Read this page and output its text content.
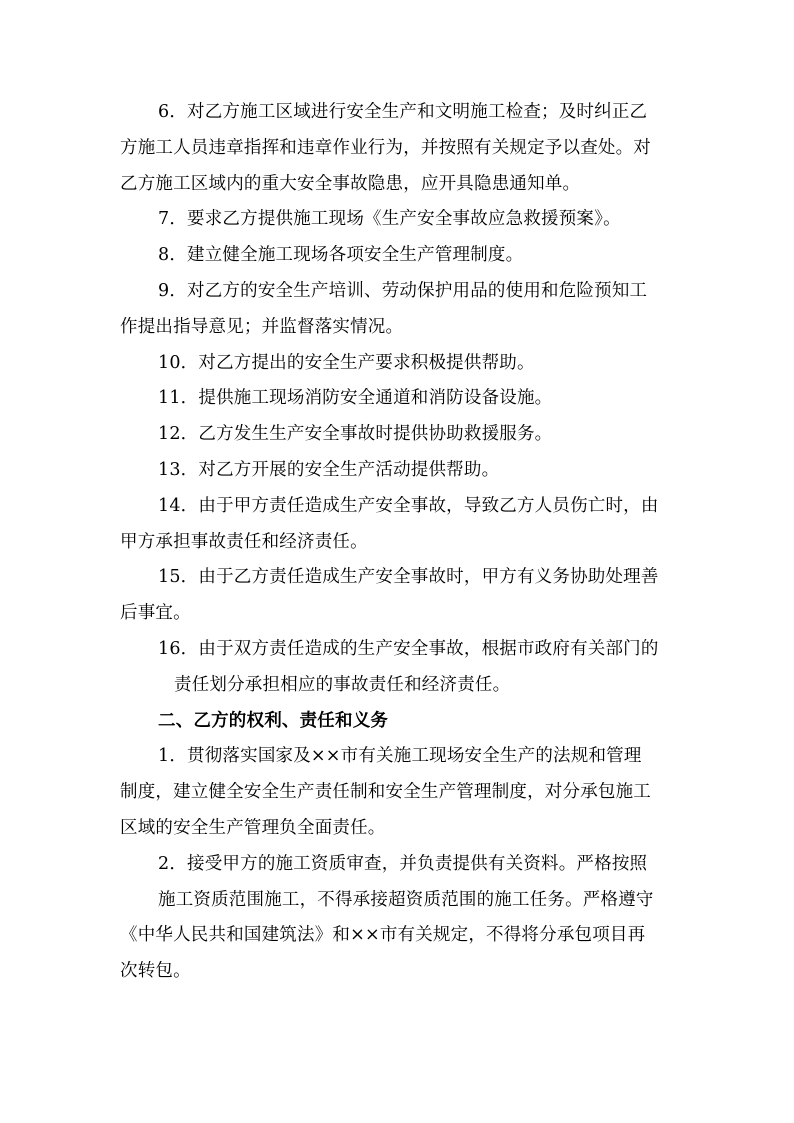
6．对乙方施工区域进行安全生产和文明施工检查；及时纠正乙
方施工人员违章指挥和违章作业行为，并按照有关规定予以查处。对
乙方施工区域内的重大安全事故隐患，应开具隐患通知单。
7．要求乙方提供施工现场《生产安全事故应急救援预案》。
8．建立健全施工现场各项安全生产管理制度。
9．对乙方的安全生产培训、劳动保护用品的使用和危险预知工
作提出指导意见；并监督落实情况。
10．对乙方提出的安全生产要求积极提供帮助。
11．提供施工现场消防安全通道和消防设备设施。
12．乙方发生生产安全事故时提供协助救援服务。
13．对乙方开展的安全生产活动提供帮助。
14．由于甲方责任造成生产安全事故，导致乙方人员伤亡时，由
甲方承担事故责任和经济责任。
15．由于乙方责任造成生产安全事故时，甲方有义务协助处理善
后事宜。
16．由于双方责任造成的生产安全事故，根据市政府有关部门的
责任划分承担相应的事故责任和经济责任。
二、乙方的权利、责任和义务
1．贯彻落实国家及××市有关施工现场安全生产的法规和管理
制度，建立健全安全生产责任制和安全生产管理制度，对分承包施工
区域的安全生产管理负全面责任。
2．接受甲方的施工资质审查，并负责提供有关资料。严格按照
施工资质范围施工，不得承接超资质范围的施工任务。严格遵守
《中华人民共和国建筑法》和××市有关规定，不得将分承包项目再
次转包。
